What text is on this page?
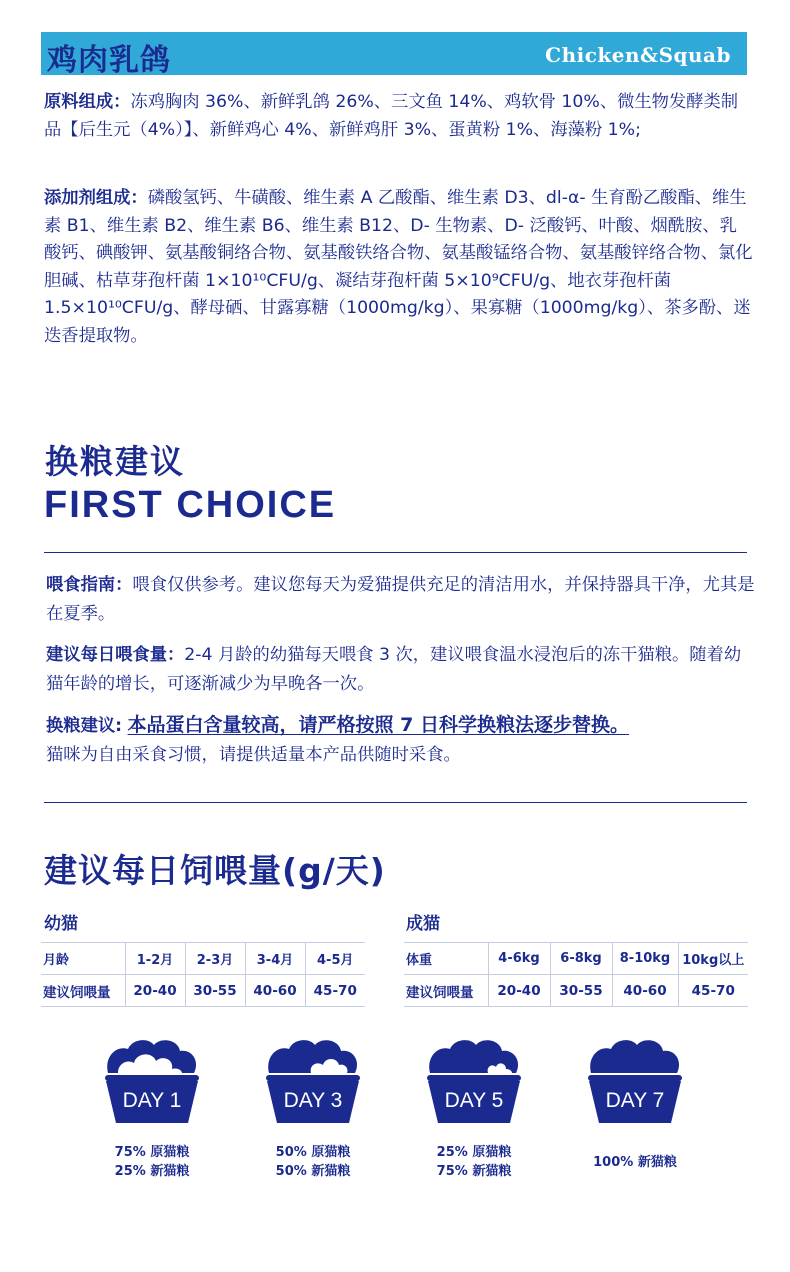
鸡肉乳鸽	Chicken&Squab
原料组成：冻鸡胸肉 36%、新鲜乳鸽 26%、三文鱼 14%、鸡软骨 10%、微生物发酵类制品【后生元（4%）】、新鲜鸡心 4%、新鲜鸡肝 3%、蛋黄粉 1%、海藻粉 1%;
添加剂组成：磷酸氢钙、牛磺酸、维生素 A 乙酸酯、维生素 D3、dl-α- 生育酚乙酸酯、维生素 B1、维生素 B2、维生素 B6、维生素 B12、D- 生物素、D- 泛酸钙、叶酸、烟酰胺、乳酸钙、碘酸钾、氨基酸铜络合物、氨基酸铁络合物、氨基酸锰络合物、氨基酸锌络合物、氯化胆碱、枯草芽孢杆菌 1×10¹⁰CFU/g、凝结芽孢杆菌 5×10⁹CFU/g、地衣芽孢杆菌 1.5×10¹⁰CFU/g、酵母硒、甘露寡糖（1000mg/kg）、果寡糖（1000mg/kg）、茶多酚、迷迭香提取物。
换粮建议
FIRST CHOICE
喂食指南：喂食仅供参考。建议您每天为爱猫提供充足的清洁用水，并保持器具干净，尤其是在夏季。
建议每日喂食量：2-4 月龄的幼猫每天喂食 3 次，建议喂食温水浸泡后的冻干猫粮。随着幼猫年龄的增长，可逐渐减少为早晚各一次。
换粮建议: 本品蛋白含量较高，请严格按照 7 日科学换粮法逐步替换。
猫咪为自由采食习惯，请提供适量本产品供随时采食。
建议每日饲喂量(g/天)
幼猫
月龄	1-2月	2-3月	3-4月	4-5月
建议饲喂量	20-40	30-55	40-60	45-70
成猫
体重	4-6kg	6-8kg	8-10kg	10kg以上
建议饲喂量	20-40	30-55	40-60	45-70
DAY 1
75% 原猫粮
25% 新猫粮
DAY 3
50% 原猫粮
50% 新猫粮
DAY 5
25% 原猫粮
75% 新猫粮
DAY 7
100% 新猫粮
